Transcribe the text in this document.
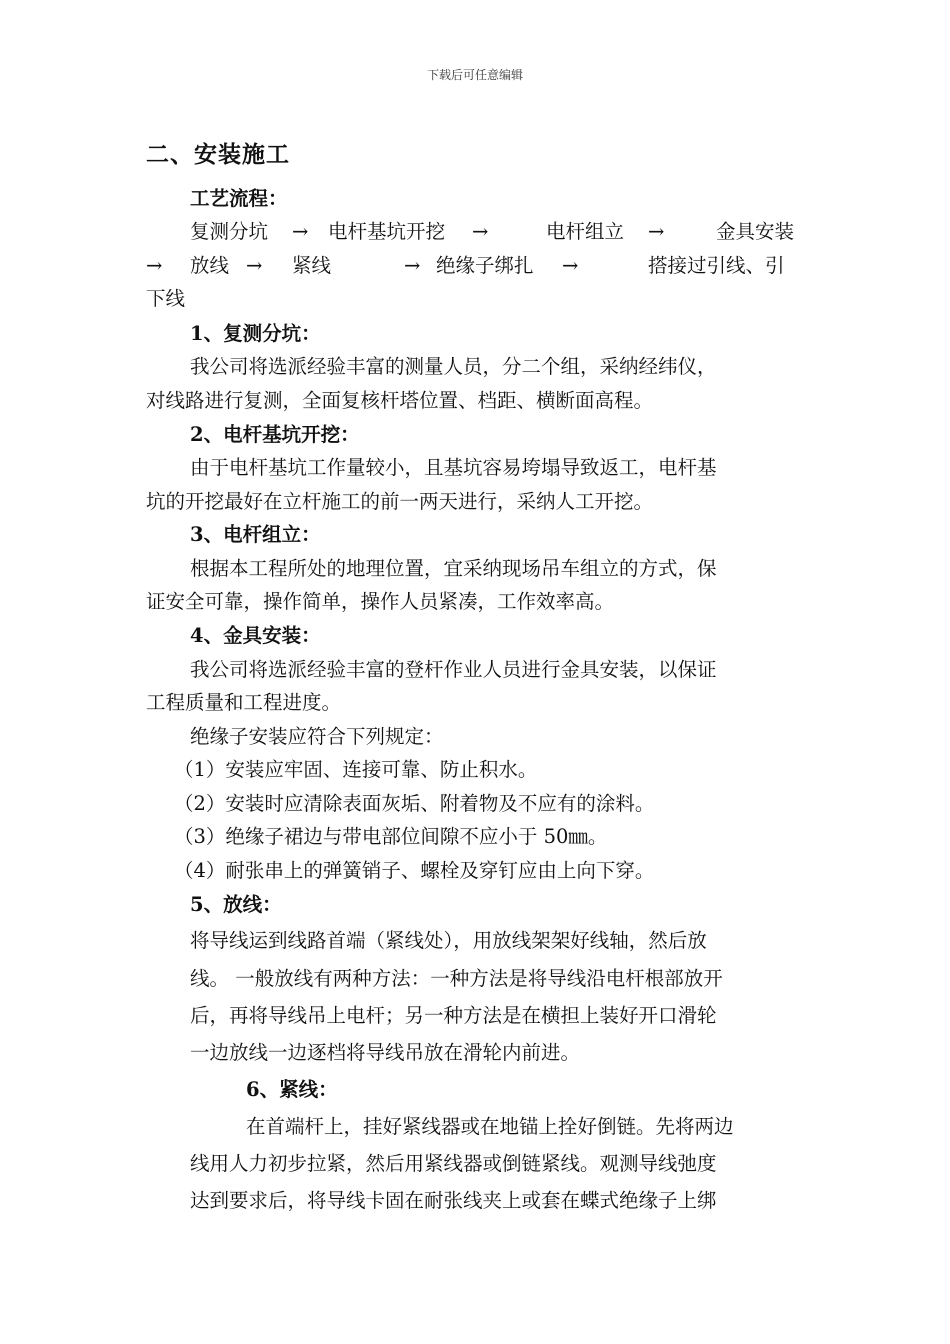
下载后可任意编辑
二、安装施工
工艺流程：
复测分坑 → 电杆基坑开挖 →	电杆组立 →	金具安装
→ 放线 → 紧线	→ 绝缘子绑扎 →	搭接过引线、引
下线
1、复测分坑：
我公司将选派经验丰富的测量人员，分二个组，采纳经纬仪，
对线路进行复测，全面复核杆塔位置、档距、横断面高程。
2、电杆基坑开挖：
由于电杆基坑工作量较小，且基坑容易垮塌导致返工，电杆基
坑的开挖最好在立杆施工的前一两天进行，采纳人工开挖。
3、电杆组立：
根据本工程所处的地理位置，宜采纳现场吊车组立的方式，保
证安全可靠，操作简单，操作人员紧凑，工作效率高。
4、金具安装：
我公司将选派经验丰富的登杆作业人员进行金具安装，以保证
工程质量和工程进度。
绝缘子安装应符合下列规定：
（1）安装应牢固、连接可靠、防止积水。
（2）安装时应清除表面灰垢、附着物及不应有的涂料。
（3）绝缘子裙边与带电部位间隙不应小于 50㎜。
（4）耐张串上的弹簧销子、螺栓及穿钉应由上向下穿。
5、放线：
将导线运到线路首端（紧线处），用放线架架好线轴，然后放
线。 一般放线有两种方法：一种方法是将导线沿电杆根部放开
后，再将导线吊上电杆；另一种方法是在横担上装好开口滑轮
一边放线一边逐档将导线吊放在滑轮内前进。
6、紧线：
在首端杆上，挂好紧线器或在地锚上拴好倒链。先将两边
线用人力初步拉紧，然后用紧线器或倒链紧线。观测导线弛度
达到要求后，将导线卡固在耐张线夹上或套在蝶式绝缘子上绑
